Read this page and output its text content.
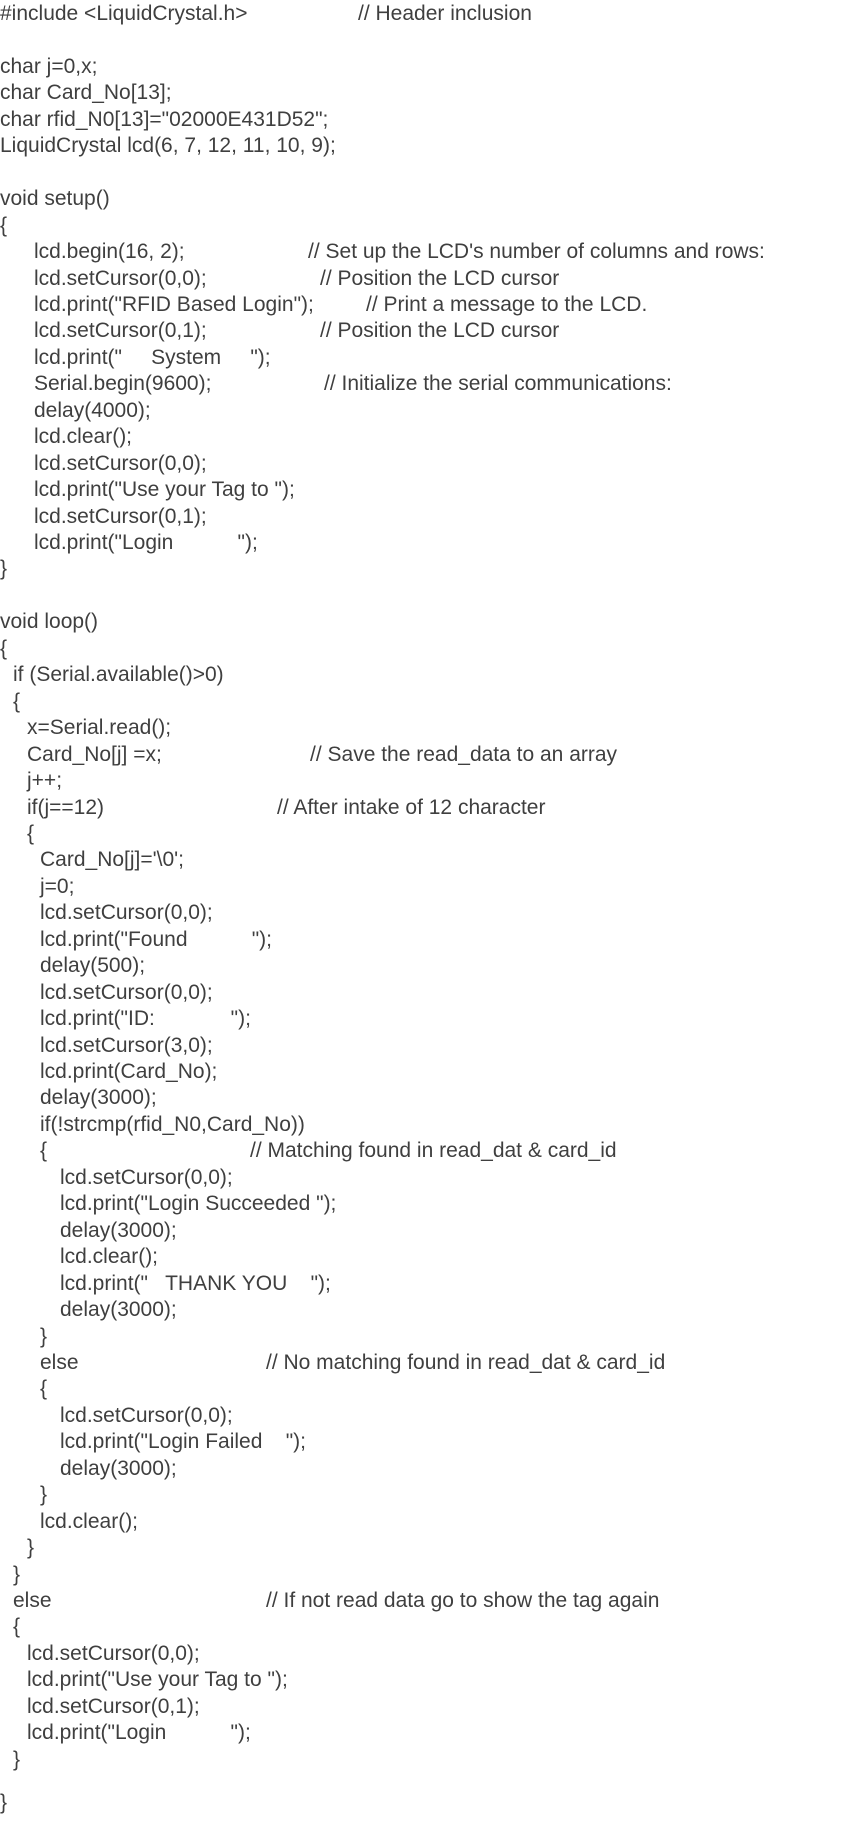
#include <LiquidCrystal.h>	// Header inclusion
char j=0,x;
char Card_No[13];
char rfid_N0[13]="02000E431D52";
LiquidCrystal lcd(6, 7, 12, 11, 10, 9);
void setup()
{
lcd.begin(16, 2);	// Set up the LCD's number of columns and rows:
lcd.setCursor(0,0);	// Position the LCD cursor
lcd.print("RFID Based Login"); // Print a message to the LCD.
lcd.setCursor(0,1);	// Position the LCD cursor
lcd.print("     System     ");
Serial.begin(9600);	// Initialize the serial communications:
delay(4000);
lcd.clear();
lcd.setCursor(0,0);
lcd.print("Use your Tag to ");
lcd.setCursor(0,1);
lcd.print("Login           ");
}
void loop()
{
if (Serial.available()>0)
{
x=Serial.read();
Card_No[j] =x;	// Save the read_data to an array
j++;
if(j==12)	// After intake of 12 character
{
Card_No[j]='\0';
j=0;
lcd.setCursor(0,0);
lcd.print("Found           ");
delay(500);
lcd.setCursor(0,0);
lcd.print("ID:             ");
lcd.setCursor(3,0);
lcd.print(Card_No);
delay(3000);
if(!strcmp(rfid_N0,Card_No))
{	// Matching found in read_dat & card_id
lcd.setCursor(0,0);
lcd.print("Login Succeeded ");
delay(3000);
lcd.clear();
lcd.print("   THANK YOU    ");
delay(3000);
}
else	// No matching found in read_dat & card_id
{
lcd.setCursor(0,0);
lcd.print("Login Failed    ");
delay(3000);
}
lcd.clear();
}
}
else	// If not read data go to show the tag again
{
lcd.setCursor(0,0);
lcd.print("Use your Tag to ");
lcd.setCursor(0,1);
lcd.print("Login           ");
}
}
